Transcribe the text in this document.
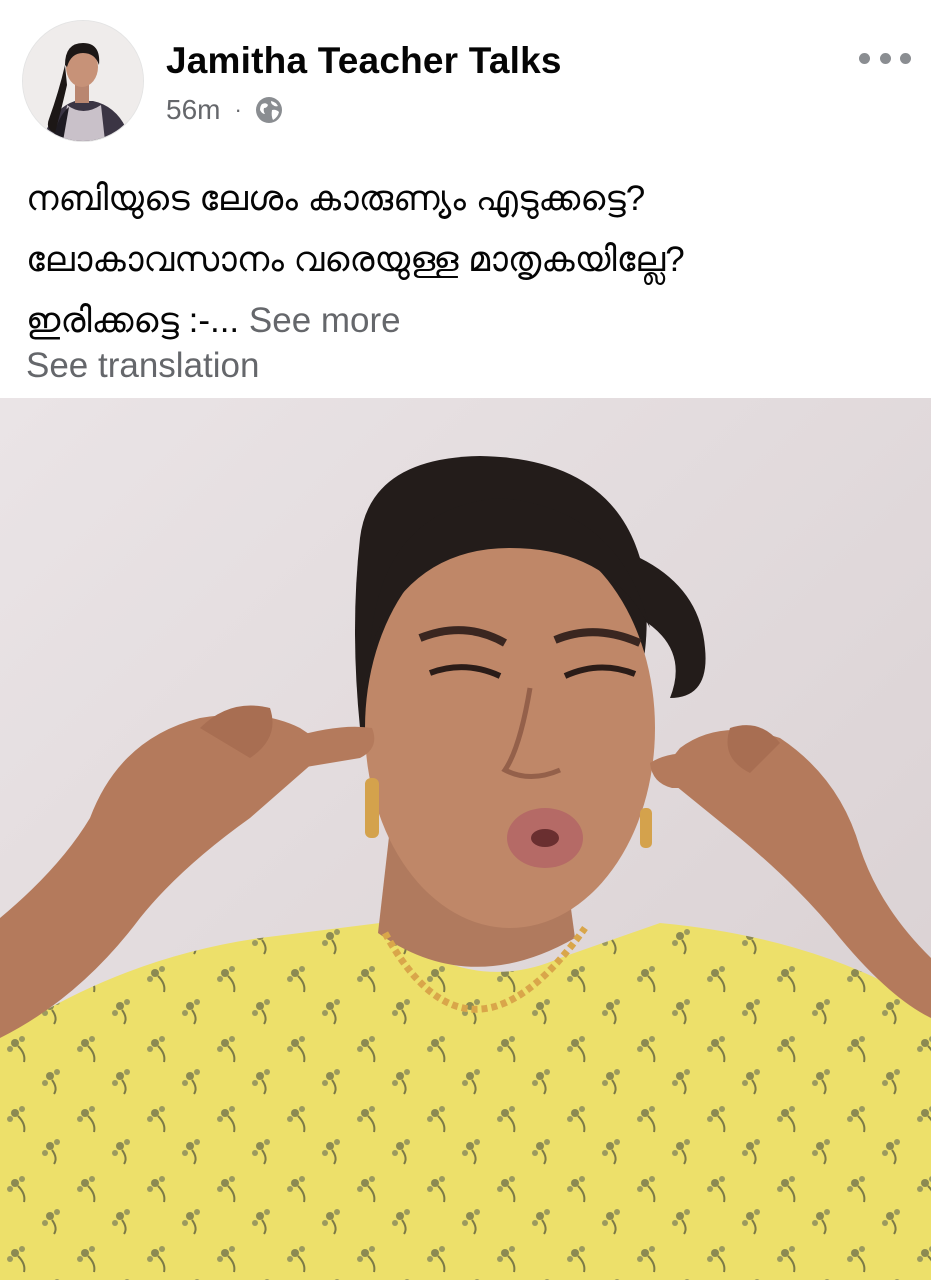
Jamitha Teacher Talks
56m ·
നബിയുടെ ലേശം കാരുണ്യം എടുക്കട്ടെ?
ലോകാവസാനം വരെയുള്ള മാതൃകയില്ലേ?
ഇരിക്കട്ടെ :-... See more
See translation
